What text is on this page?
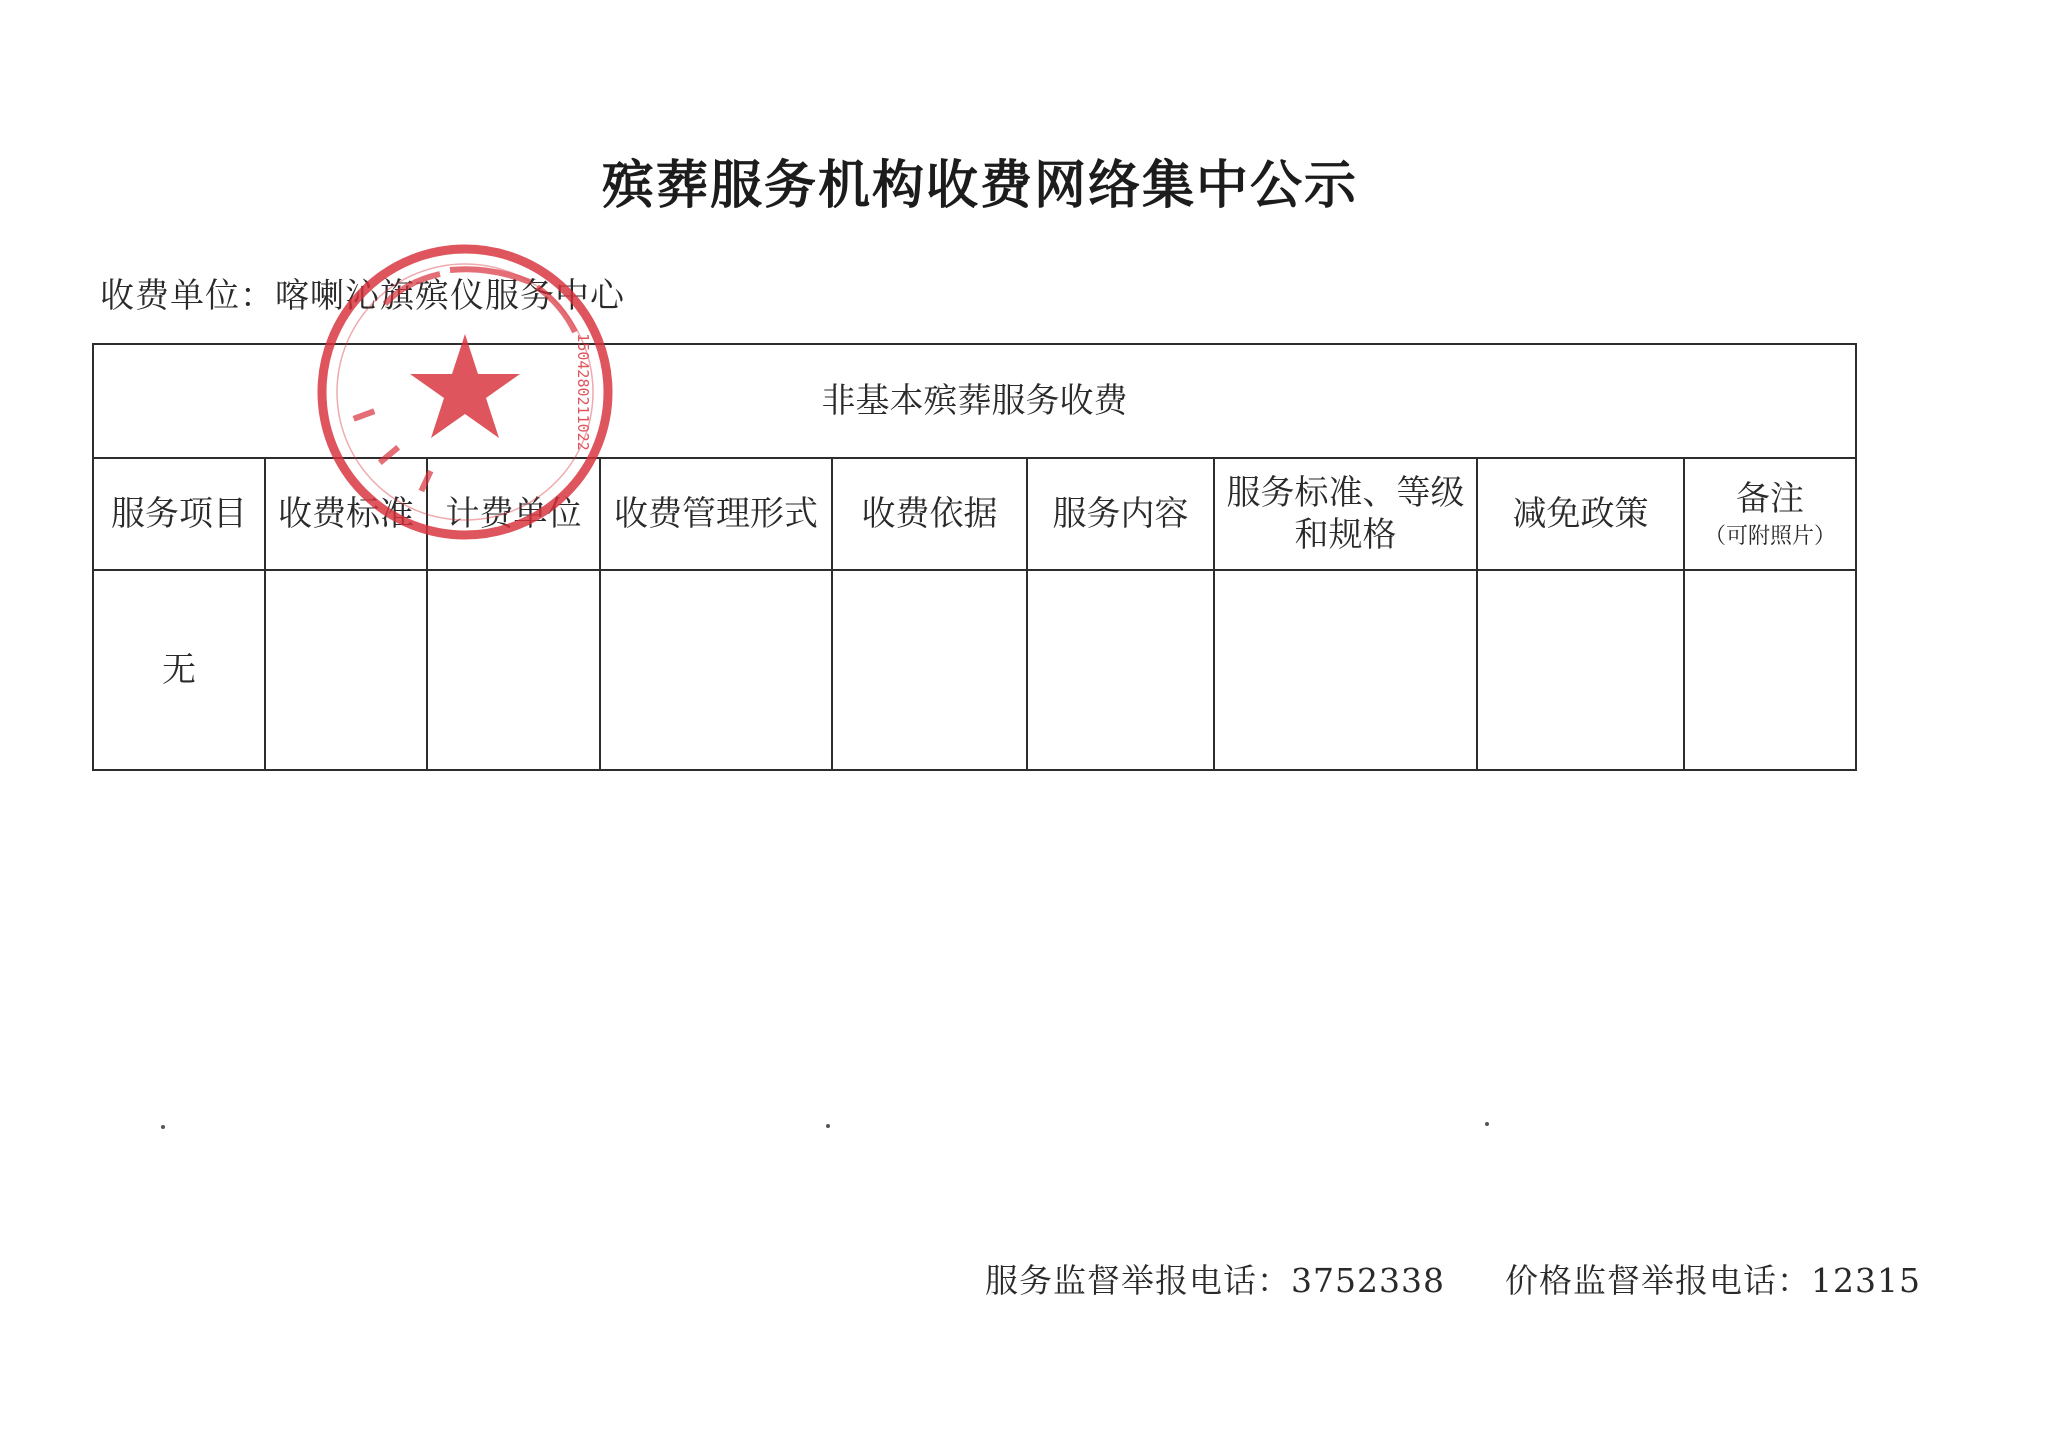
殡葬服务机构收费网络集中公示
收费单位：喀喇沁旗殡仪服务中心
非基本殡葬服务收费								
服务项目	收费标准	计费单位	收费管理形式	收费依据	服务内容	服务标准、等级和规格	减免政策	备注
（可附照片）

无								
1504280211022
服务监督举报电话：3752338 价格监督举报电话：12315
